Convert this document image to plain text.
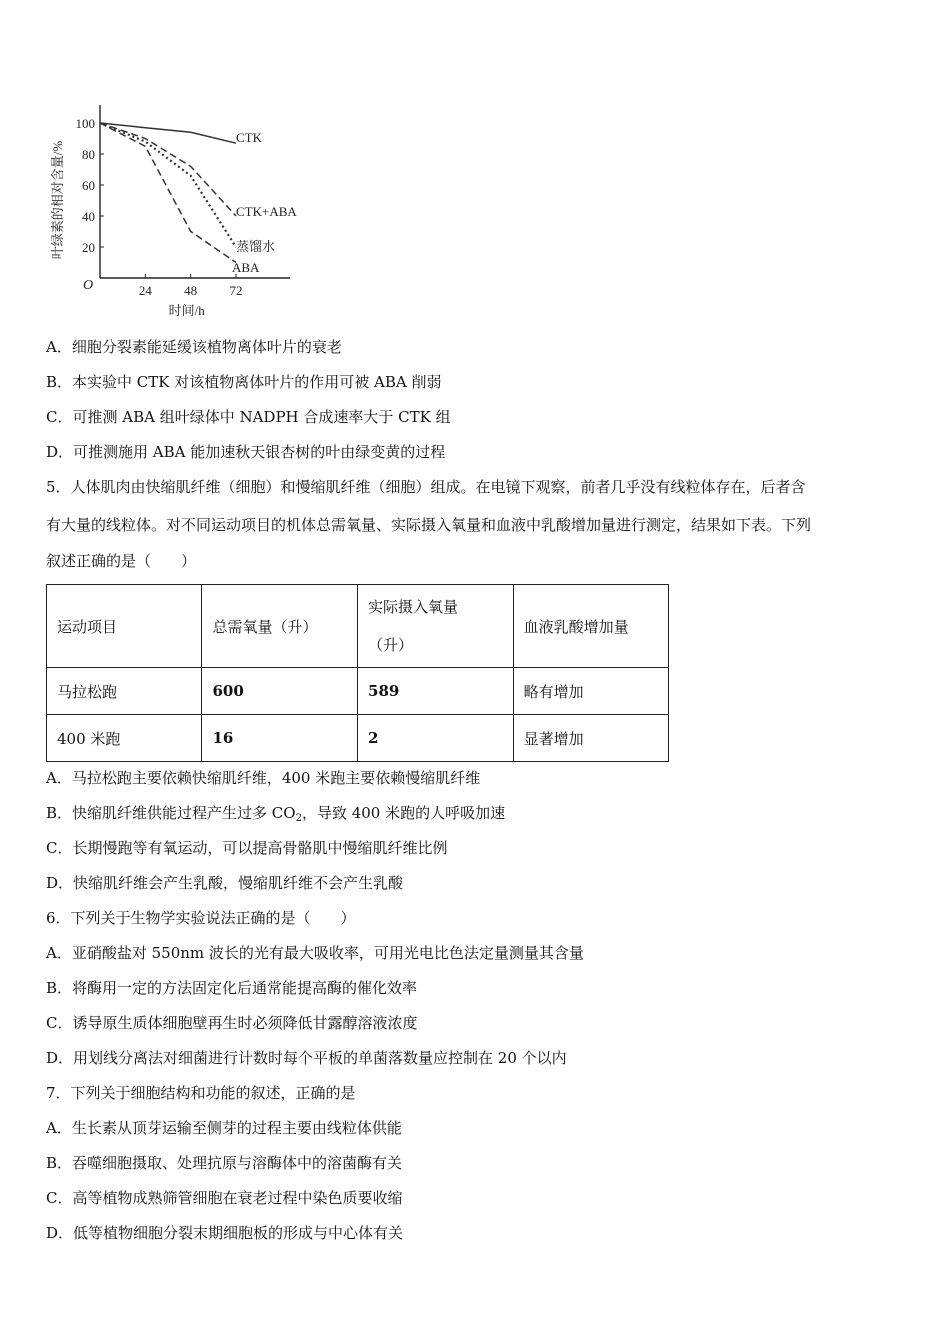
100
80
60
40
20
24 48 72
O
时间/h
叶绿素的相对含量/%
CTK
CTK+ABA
蒸馏水
ABA
A．细胞分裂素能延缓该植物离体叶片的衰老
B．本实验中 CTK 对该植物离体叶片的作用可被 ABA 削弱
C．可推测 ABA 组叶绿体中 NADPH 合成速率大于 CTK 组
D．可推测施用 ABA 能加速秋天银杏树的叶由绿变黄的过程
5．人体肌肉由快缩肌纤维（细胞）和慢缩肌纤维（细胞）组成。在电镜下观察，前者几乎没有线粒体存在，后者含
有大量的线粒体。对不同运动项目的机体总需氧量、实际摄入氧量和血液中乳酸增加量进行测定，结果如下表。下列
叙述正确的是（　　）
运动项目	总需氧量（升）	实际摄入氧量
（升）	血液乳酸增加量
马拉松跑	600	589	略有增加
400 米跑	16	2	显著增加
A．马拉松跑主要依赖快缩肌纤维，400 米跑主要依赖慢缩肌纤维
B．快缩肌纤维供能过程产生过多 $CO_2$，导致 400 米跑的人呼吸加速
C．长期慢跑等有氧运动，可以提高骨骼肌中慢缩肌纤维比例
D．快缩肌纤维会产生乳酸，慢缩肌纤维不会产生乳酸
6．下列关于生物学实验说法正确的是（　　）
A．亚硝酸盐对 550nm 波长的光有最大吸收率，可用光电比色法定量测量其含量
B．将酶用一定的方法固定化后通常能提高酶的催化效率
C．诱导原生质体细胞壁再生时必须降低甘露醇溶液浓度
D．用划线分离法对细菌进行计数时每个平板的单菌落数量应控制在 20 个以内
7．下列关于细胞结构和功能的叙述，正确的是
A．生长素从顶芽运输至侧芽的过程主要由线粒体供能
B．吞噬细胞摄取、处理抗原与溶酶体中的溶菌酶有关
C．高等植物成熟筛管细胞在衰老过程中染色质要收缩
D．低等植物细胞分裂末期细胞板的形成与中心体有关
